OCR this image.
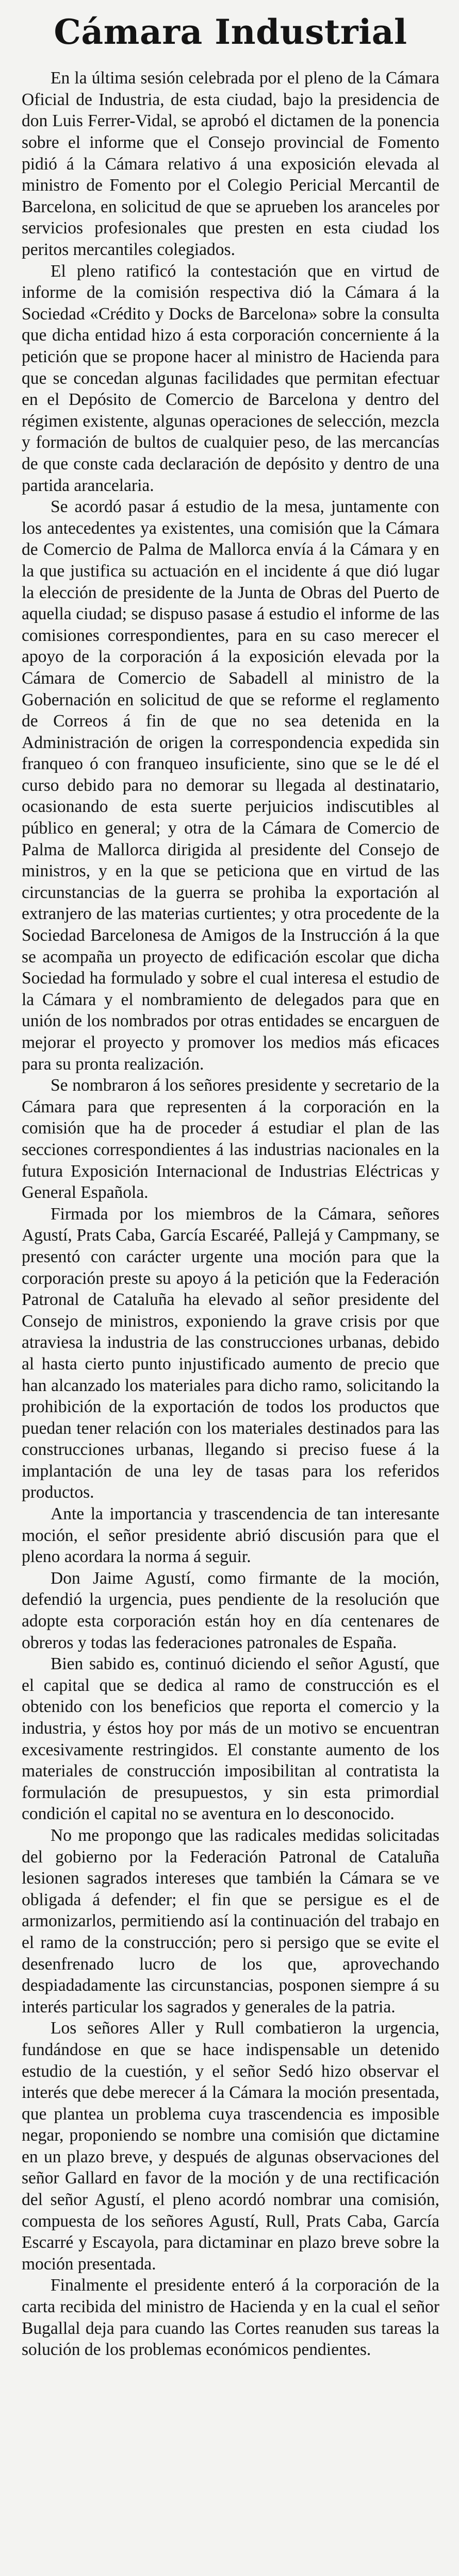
Cámara Industrial

En la última sesión celebrada por el pleno de la Cámara Oficial de Industria, de esta ciudad, bajo la presidencia de don Luis Ferrer-Vidal, se aprobó el dictamen de la ponencia sobre el informe que el Consejo provincial de Fomento pidió á la Cámara relativo á una exposición elevada al ministro de Fomento por el Colegio Pericial Mercantil de Barcelona, en solicitud de que se aprueben los aranceles por servicios profesionales que presten en esta ciudad los peritos mercantiles colegiados.

El pleno ratificó la contestación que en virtud de informe de la comisión respectiva dió la Cámara á la Sociedad «Crédito y Docks de Barcelona» sobre la consulta que dicha entidad hizo á esta corporación concerniente á la petición que se propone hacer al ministro de Hacienda para que se concedan algunas facilidades que permitan efectuar en el Depósito de Comercio de Barcelona y dentro del régimen existente, algunas operaciones de selección, mezcla y formación de bultos de cualquier peso, de las mercancías de que conste cada declaración de depósito y dentro de una partida arancelaria.

Se acordó pasar á estudio de la mesa, juntamente con los antecedentes ya existentes, una comisión que la Cámara de Comercio de Palma de Mallorca envía á la Cámara y en la que justifica su actuación en el incidente á que dió lugar la elección de presidente de la Junta de Obras del Puerto de aquella ciudad; se dispuso pasase á estudio el informe de las comisiones correspondientes, para en su caso merecer el apoyo de la corporación á la exposición elevada por la Cámara de Comercio de Sabadell al ministro de la Gobernación en solicitud de que se reforme el reglamento de Correos á fin de que no sea detenida en la Administración de origen la correspondencia expedida sin franqueo ó con franqueo insuficiente, sino que se le dé el curso debido para no demorar su llegada al destinatario, ocasionando de esta suerte perjuicios indiscutibles al público en general; y otra de la Cámara de Comercio de Palma de Mallorca dirigida al presidente del Consejo de ministros, y en la que se peticiona que en virtud de las circunstancias de la guerra se prohiba la exportación al extranjero de las materias curtientes; y otra procedente de la Sociedad Barcelonesa de Amigos de la Instrucción á la que se acompaña un proyecto de edificación escolar que dicha Sociedad ha formulado y sobre el cual interesa el estudio de la Cámara y el nombramiento de delegados para que en unión de los nombrados por otras entidades se encarguen de mejorar el proyecto y promover los medios más eficaces para su pronta realización.

Se nombraron á los señores presidente y secretario de la Cámara para que representen á la corporación en la comisión que ha de proceder á estudiar el plan de las secciones correspondientes á las industrias nacionales en la futura Exposición Internacional de Industrias Eléctricas y General Española.

Firmada por los miembros de la Cámara, señores Agustí, Prats Caba, García Escaréé, Pallejá y Campmany, se presentó con carácter urgente una moción para que la corporación preste su apoyo á la petición que la Federación Patronal de Cataluña ha elevado al señor presidente del Consejo de ministros, exponiendo la grave crisis por que atraviesa la industria de las construcciones urbanas, debido al hasta cierto punto injustificado aumento de precio que han alcanzado los materiales para dicho ramo, solicitando la prohibición de la exportación de todos los productos que puedan tener relación con los materiales destinados para las construcciones urbanas, llegando si preciso fuese á la implantación de una ley de tasas para los referidos productos.

Ante la importancia y trascendencia de tan interesante moción, el señor presidente abrió discusión para que el pleno acordara la norma á seguir.

Don Jaime Agustí, como firmante de la moción, defendió la urgencia, pues pendiente de la resolución que adopte esta corporación están hoy en día centenares de obreros y todas las federaciones patronales de España.

Bien sabido es, continuó diciendo el señor Agustí, que el capital que se dedica al ramo de construcción es el obtenido con los beneficios que reporta el comercio y la industria, y éstos hoy por más de un motivo se encuentran excesivamente restringidos. El constante aumento de los materiales de construcción imposibilitan al contratista la formulación de presupuestos, y sin esta primordial condición el capital no se aventura en lo desconocido.

No me propongo que las radicales medidas solicitadas del gobierno por la Federación Patronal de Cataluña lesionen sagrados intereses que también la Cámara se ve obligada á defender; el fin que se persigue es el de armonizarlos, permitiendo así la continuación del trabajo en el ramo de la construcción; pero si persigo que se evite el desenfrenado lucro de los que, aprovechando despiadadamente las circunstancias, posponen siempre á su interés particular los sagrados y generales de la patria.

Los señores Aller y Rull combatieron la urgencia, fundándose en que se hace indispensable un detenido estudio de la cuestión, y el señor Sedó hizo observar el interés que debe merecer á la Cámara la moción presentada, que plantea un problema cuya trascendencia es imposible negar, proponiendo se nombre una comisión que dictamine en un plazo breve, y después de algunas observaciones del señor Gallard en favor de la moción y de una rectificación del señor Agustí, el pleno acordó nombrar una comisión, compuesta de los señores Agustí, Rull, Prats Caba, García Escarré y Escayola, para dictaminar en plazo breve sobre la moción presentada.

Finalmente el presidente enteró á la corporación de la carta recibida del ministro de Hacienda y en la cual el señor Bugallal deja para cuando las Cortes reanuden sus tareas la solución de los problemas económicos pendientes.
